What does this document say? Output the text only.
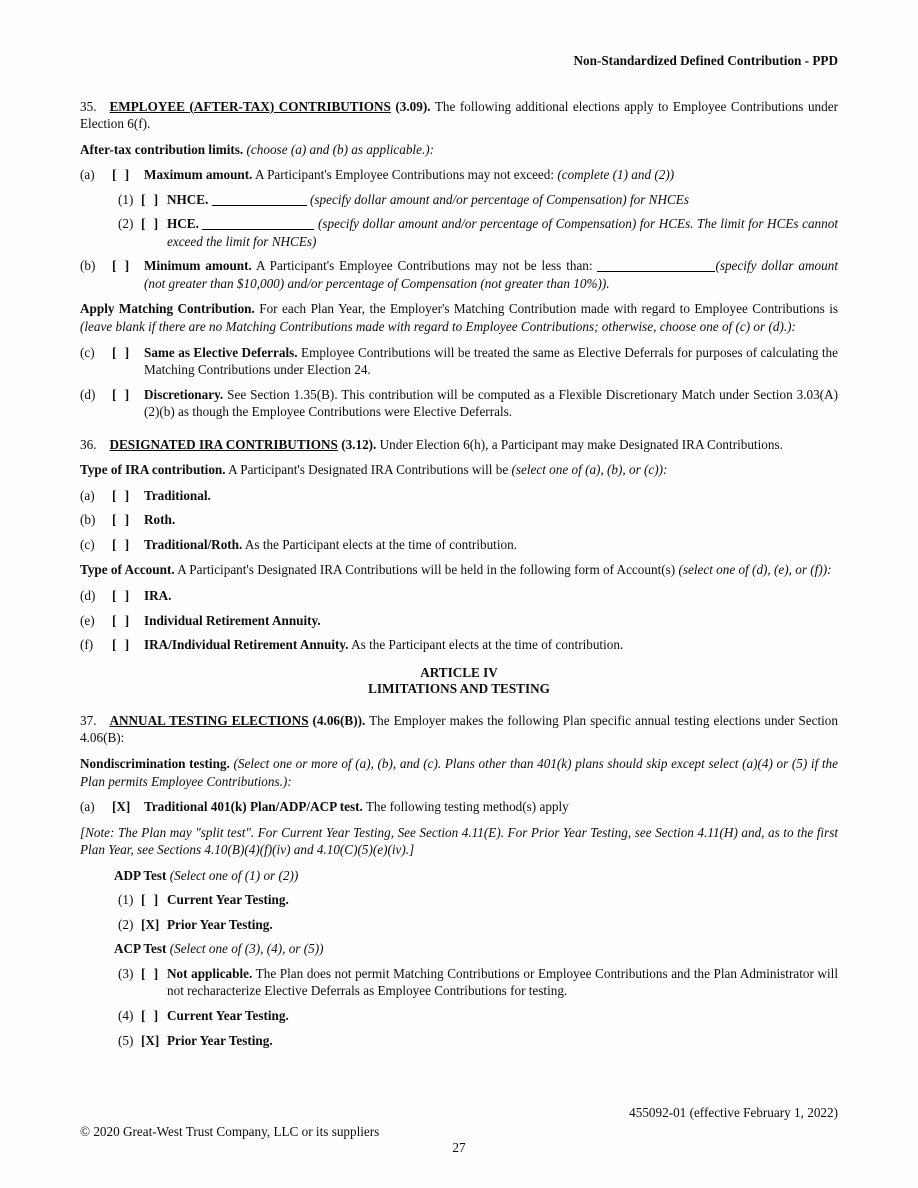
Non-Standardized Defined Contribution - PPD

35. EMPLOYEE (AFTER-TAX) CONTRIBUTIONS (3.09). The following additional elections apply to Employee Contributions under Election 6(f).

After-tax contribution limits. (choose (a) and (b) as applicable.):

(a)	[ ]	Maximum amount. A Participant's Employee Contributions may not exceed: (complete (1) and (2))
(1) [ ] NHCE.	(specify dollar amount and/or percentage of Compensation) for NHCEs
(2) [ ] HCE.	(specify dollar amount and/or percentage of Compensation) for HCEs. The limit for HCEs cannot exceed the limit for NHCEs)
(b)	[ ]	Minimum amount. A Participant's Employee Contributions may not be less than:	(specify dollar amount (not greater than $10,000) and/or percentage of Compensation (not greater than 10%)).

Apply Matching Contribution. For each Plan Year, the Employer's Matching Contribution made with regard to Employee Contributions is (leave blank if there are no Matching Contributions made with regard to Employee Contributions; otherwise, choose one of (c) or (d).):

(c)	[ ]	Same as Elective Deferrals. Employee Contributions will be treated the same as Elective Deferrals for purposes of calculating the Matching Contributions under Election 24.
(d)	[ ]	Discretionary. See Section 1.35(B). This contribution will be computed as a Flexible Discretionary Match under Section 3.03(A)(2)(b) as though the Employee Contributions were Elective Deferrals.

36. DESIGNATED IRA CONTRIBUTIONS (3.12). Under Election 6(h), a Participant may make Designated IRA Contributions.

Type of IRA contribution. A Participant's Designated IRA Contributions will be (select one of (a), (b), or (c)):

(a)	[ ]	Traditional.
(b)	[ ]	Roth.
(c)	[ ]	Traditional/Roth. As the Participant elects at the time of contribution.

Type of Account. A Participant's Designated IRA Contributions will be held in the following form of Account(s) (select one of (d), (e), or (f)):

(d)	[ ]	IRA.
(e)	[ ]	Individual Retirement Annuity.
(f)	[ ]	IRA/Individual Retirement Annuity. As the Participant elects at the time of contribution.
ARTICLE IV
LIMITATIONS AND TESTING

37. ANNUAL TESTING ELECTIONS (4.06(B)). The Employer makes the following Plan specific annual testing elections under Section 4.06(B):

Nondiscrimination testing. (Select one or more of (a), (b), and (c). Plans other than 401(k) plans should skip except select (a)(4) or (5) if the Plan permits Employee Contributions.):

(a)	[X]	Traditional 401(k) Plan/ADP/ACP test. The following testing method(s) apply

[Note: The Plan may "split test". For Current Year Testing, See Section 4.11(E). For Prior Year Testing, see Section 4.11(H) and, as to the first Plan Year, see Sections 4.10(B)(4)(f)(iv) and 4.10(C)(5)(e)(iv).]

ADP Test (Select one of (1) or (2))

(1) [ ] Current Year Testing.
(2) [X] Prior Year Testing.

ACP Test (Select one of (3), (4), or (5))

(3) [ ] Not applicable. The Plan does not permit Matching Contributions or Employee Contributions and the Plan Administrator will not recharacterize Elective Deferrals as Employee Contributions for testing.
(4) [ ] Current Year Testing.
(5) [X] Prior Year Testing.
455092-01 (effective February 1, 2022)
© 2020 Great-West Trust Company, LLC or its suppliers
27
